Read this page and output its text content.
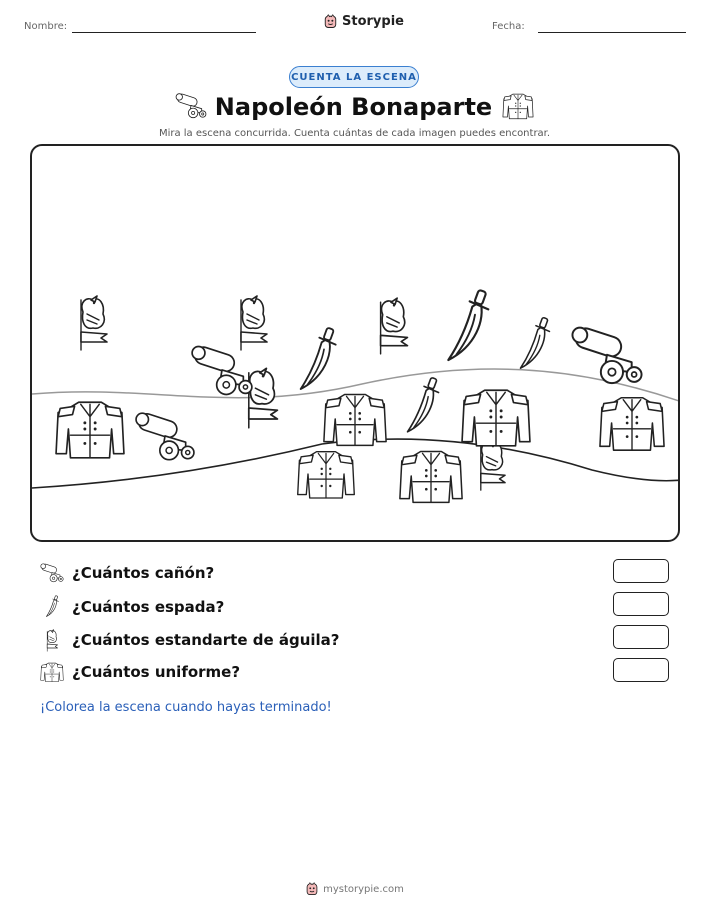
Nombre:	Storypie	Fecha:
CUENTA LA ESCENA
Napoleón Bonaparte
Mira la escena concurrida. Cuenta cuántas de cada imagen puedes encontrar.
¿Cuántos cañón?
¿Cuántos espada?
¿Cuántos estandarte de águila?
¿Cuántos uniforme?
¡Colorea la escena cuando hayas terminado!
mystorypie.com
